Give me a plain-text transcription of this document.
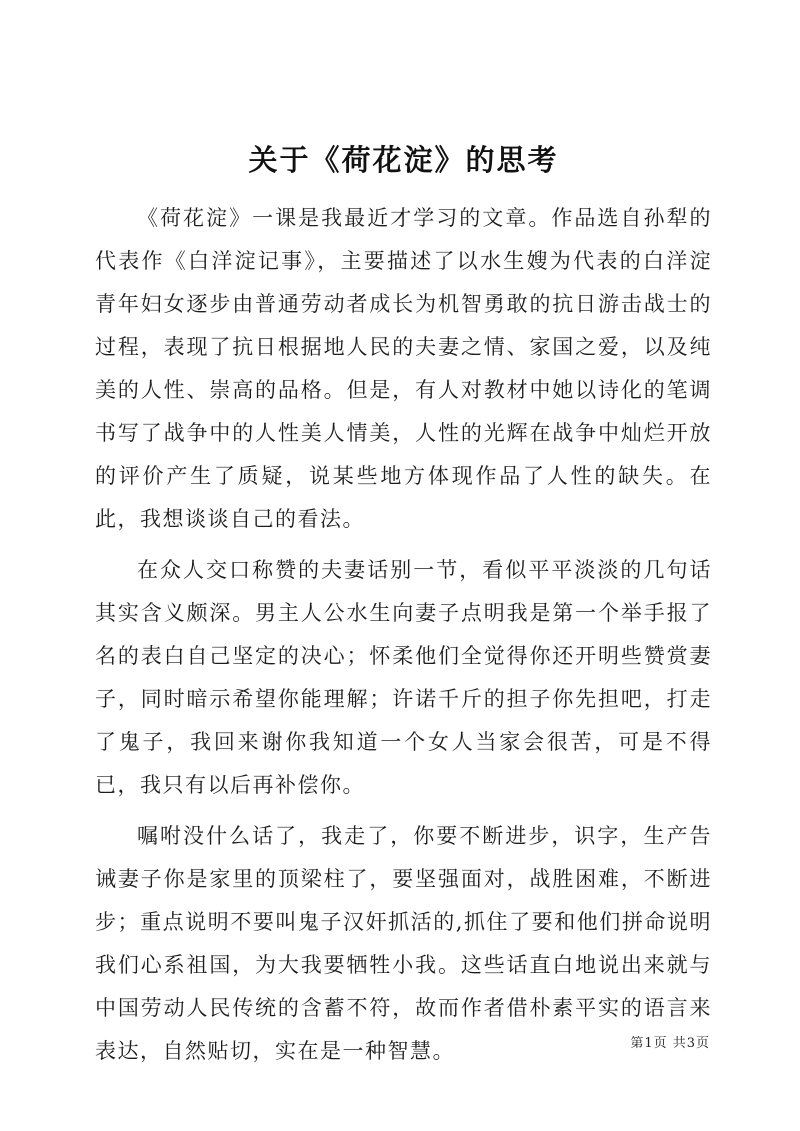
关于《荷花淀》的思考

《荷花淀》一课是我最近才学习的文章。作品选自孙犁的代表作《白洋淀记事》，主要描述了以水生嫂为代表的白洋淀青年妇女逐步由普通劳动者成长为机智勇敢的抗日游击战士的过程，表现了抗日根据地人民的夫妻之情、家国之爱，以及纯美的人性、崇高的品格。但是，有人对教材中她以诗化的笔调书写了战争中的人性美人情美，人性的光辉在战争中灿烂开放的评价产生了质疑，说某些地方体现作品了人性的缺失。在此，我想谈谈自己的看法。

在众人交口称赞的夫妻话别一节，看似平平淡淡的几句话其实含义颇深。男主人公水生向妻子点明我是第一个举手报了名的表白自己坚定的决心；怀柔他们全觉得你还开明些赞赏妻子，同时暗示希望你能理解；许诺千斤的担子你先担吧，打走了鬼子，我回来谢你我知道一个女人当家会很苦，可是不得已，我只有以后再补偿你。

嘱咐没什么话了，我走了，你要不断进步，识字，生产告诫妻子你是家里的顶梁柱了，要坚强面对，战胜困难，不断进步；重点说明不要叫鬼子汉奸抓活的,抓住了要和他们拼命说明我们心系祖国，为大我要牺牲小我。这些话直白地说出来就与中国劳动人民传统的含蓄不符，故而作者借朴素平实的语言来表达，自然贴切，实在是一种智慧。	第1页 共3页
